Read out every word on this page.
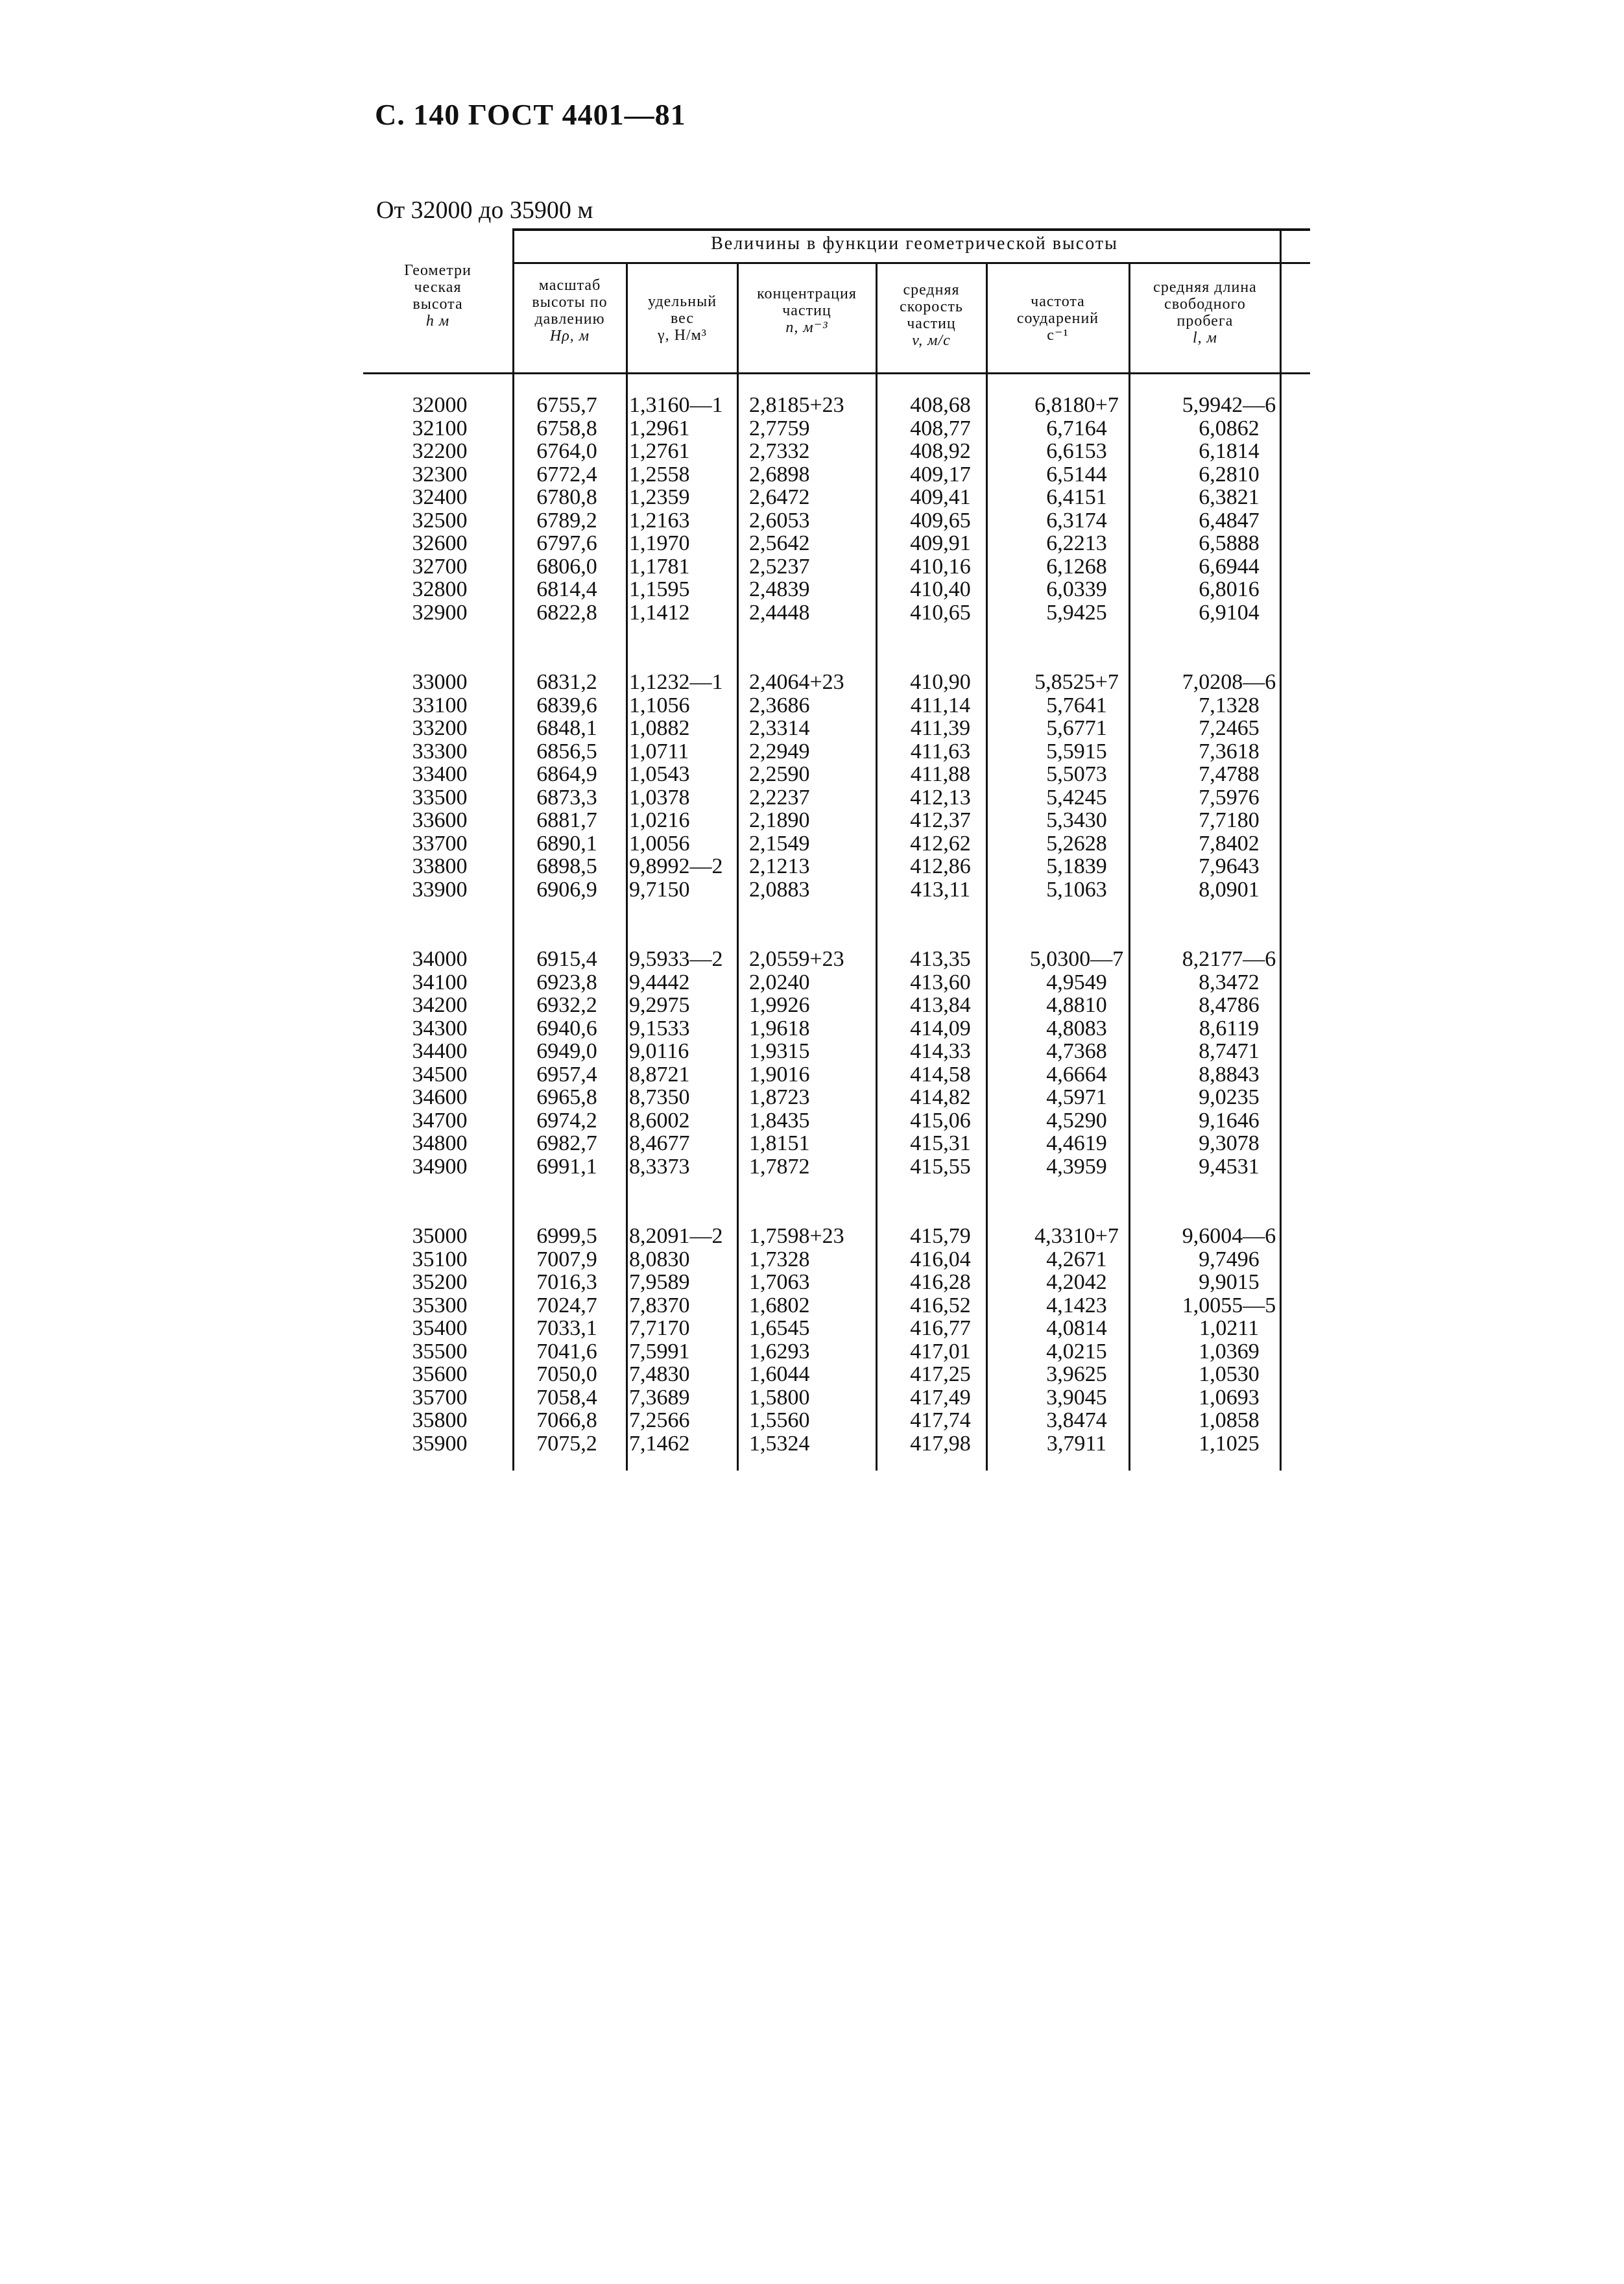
С. 140 ГОСТ 4401—81
От 32000 до 35900 м
Величины в функции геометрической высоты
Геометри
ческая
высота
h м
масштаб
высоты по
давлению
Hρ, м
удельный
вес
γ, Н/м³
концентрация
частиц
n, м⁻³
средняя
скорость
частиц
v, м/с
частота
соударений
с⁻¹
средняя длина
свободного
пробега
l, м
32000
32100
32200
32300
32400
32500
32600
32700
32800
32900
33000
33100
33200
33300
33400
33500
33600
33700
33800
33900
34000
34100
34200
34300
34400
34500
34600
34700
34800
34900
35000
35100
35200
35300
35400
35500
35600
35700
35800
35900
6755,7
6758,8
6764,0
6772,4
6780,8
6789,2
6797,6
6806,0
6814,4
6822,8
6831,2
6839,6
6848,1
6856,5
6864,9
6873,3
6881,7
6890,1
6898,5
6906,9
6915,4
6923,8
6932,2
6940,6
6949,0
6957,4
6965,8
6974,2
6982,7
6991,1
6999,5
7007,9
7016,3
7024,7
7033,1
7041,6
7050,0
7058,4
7066,8
7075,2
1,3160—1
1,2961
1,2761
1,2558
1,2359
1,2163
1,1970
1,1781
1,1595
1,1412
1,1232—1
1,1056
1,0882
1,0711
1,0543
1,0378
1,0216
1,0056
9,8992—2
9,7150
9,5933—2
9,4442
9,2975
9,1533
9,0116
8,8721
8,7350
8,6002
8,4677
8,3373
8,2091—2
8,0830
7,9589
7,8370
7,7170
7,5991
7,4830
7,3689
7,2566
7,1462
2,8185+23
2,7759
2,7332
2,6898
2,6472
2,6053
2,5642
2,5237
2,4839
2,4448
2,4064+23
2,3686
2,3314
2,2949
2,2590
2,2237
2,1890
2,1549
2,1213
2,0883
2,0559+23
2,0240
1,9926
1,9618
1,9315
1,9016
1,8723
1,8435
1,8151
1,7872
1,7598+23
1,7328
1,7063
1,6802
1,6545
1,6293
1,6044
1,5800
1,5560
1,5324
408,68
408,77
408,92
409,17
409,41
409,65
409,91
410,16
410,40
410,65
410,90
411,14
411,39
411,63
411,88
412,13
412,37
412,62
412,86
413,11
413,35
413,60
413,84
414,09
414,33
414,58
414,82
415,06
415,31
415,55
415,79
416,04
416,28
416,52
416,77
417,01
417,25
417,49
417,74
417,98
6,8180+7
6,7164
6,6153
6,5144
6,4151
6,3174
6,2213
6,1268
6,0339
5,9425
5,8525+7
5,7641
5,6771
5,5915
5,5073
5,4245
5,3430
5,2628
5,1839
5,1063
5,0300—7
4,9549
4,8810
4,8083
4,7368
4,6664
4,5971
4,5290
4,4619
4,3959
4,3310+7
4,2671
4,2042
4,1423
4,0814
4,0215
3,9625
3,9045
3,8474
3,7911
5,9942—6
6,0862
6,1814
6,2810
6,3821
6,4847
6,5888
6,6944
6,8016
6,9104
7,0208—6
7,1328
7,2465
7,3618
7,4788
7,5976
7,7180
7,8402
7,9643
8,0901
8,2177—6
8,3472
8,4786
8,6119
8,7471
8,8843
9,0235
9,1646
9,3078
9,4531
9,6004—6
9,7496
9,9015
1,0055—5
1,0211
1,0369
1,0530
1,0693
1,0858
1,1025
